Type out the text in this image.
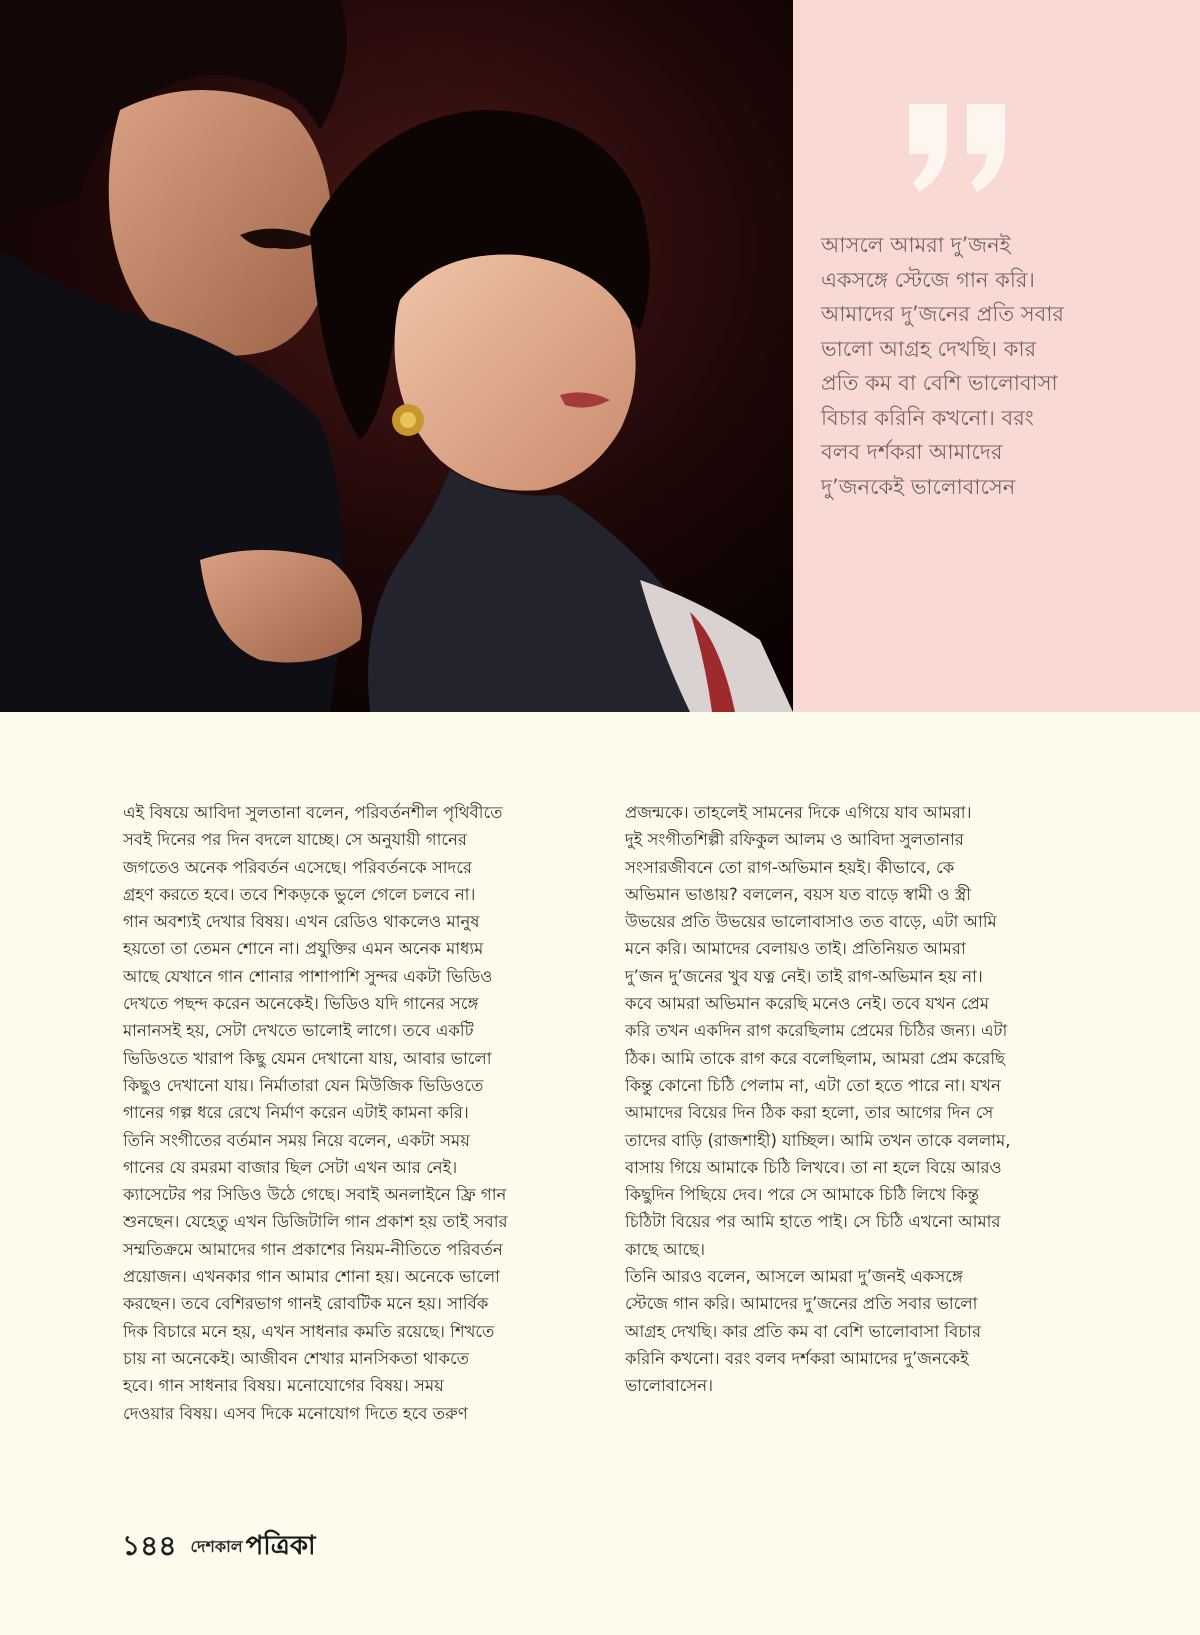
আসলে আমরা দু’জনই
একসঙ্গে স্টেজে গান করি।
আমাদের দু’জনের প্রতি সবার
ভালো আগ্রহ দেখছি। কার
প্রতি কম বা বেশি ভালোবাসা
বিচার করিনি কখনো। বরং
বলব দর্শকরা আমাদের
দু’জনকেই ভালোবাসেন

এই বিষয়ে আবিদা সুলতানা বলেন, পরিবর্তনশীল পৃথিবীতে
সবই দিনের পর দিন বদলে যাচ্ছে। সে অনুযায়ী গানের
জগতেও অনেক পরিবর্তন এসেছে। পরিবর্তনকে সাদরে
গ্রহণ করতে হবে। তবে শিকড়কে ভুলে গেলে চলবে না।
গান অবশ্যই দেখার বিষয়। এখন রেডিও থাকলেও মানুষ
হয়তো তা তেমন শোনে না। প্রযুক্তির এমন অনেক মাধ্যম
আছে যেখানে গান শোনার পাশাপাশি সুন্দর একটা ভিডিও
দেখতে পছন্দ করেন অনেকেই। ভিডিও যদি গানের সঙ্গে
মানানসই হয়, সেটা দেখতে ভালোই লাগে। তবে একটি
ভিডিওতে খারাপ কিছু যেমন দেখানো যায়, আবার ভালো
কিছুও দেখানো যায়। নির্মাতারা যেন মিউজিক ভিডিওতে
গানের গল্প ধরে রেখে নির্মাণ করেন এটাই কামনা করি।
তিনি সংগীতের বর্তমান সময় নিয়ে বলেন, একটা সময়
গানের যে রমরমা বাজার ছিল সেটা এখন আর নেই।
ক্যাসেটের পর সিডিও উঠে গেছে। সবাই অনলাইনে ফ্রি গান
শুনছেন। যেহেতু এখন ডিজিটালি গান প্রকাশ হয় তাই সবার
সম্মতিক্রমে আমাদের গান প্রকাশের নিয়ম-নীতিতে পরিবর্তন
প্রয়োজন। এখনকার গান আমার শোনা হয়। অনেকে ভালো
করছেন। তবে বেশিরভাগ গানই রোবটিক মনে হয়। সার্বিক
দিক বিচারে মনে হয়, এখন সাধনার কমতি রয়েছে। শিখতে
চায় না অনেকেই। আজীবন শেখার মানসিকতা থাকতে
হবে। গান সাধনার বিষয়। মনোযোগের বিষয়। সময়
দেওয়ার বিষয়। এসব দিকে মনোযোগ দিতে হবে তরুণ
প্রজন্মকে। তাহলেই সামনের দিকে এগিয়ে যাব আমরা।
দুই সংগীতশিল্পী রফিকুল আলম ও আবিদা সুলতানার
সংসারজীবনে তো রাগ-অভিমান হয়ই। কীভাবে, কে
অভিমান ভাঙায়? বললেন, বয়স যত বাড়ে স্বামী ও স্ত্রী
উভয়ের প্রতি উভয়ের ভালোবাসাও তত বাড়ে, এটা আমি
মনে করি। আমাদের বেলায়ও তাই। প্রতিনিয়ত আমরা
দু’জন দু’জনের খুব যত্ন নেই। তাই রাগ-অভিমান হয় না।
কবে আমরা অভিমান করেছি মনেও নেই। তবে যখন প্রেম
করি তখন একদিন রাগ করেছিলাম প্রেমের চিঠির জন্য। এটা
ঠিক। আমি তাকে রাগ করে বলেছিলাম, আমরা প্রেম করেছি
কিন্তু কোনো চিঠি পেলাম না, এটা তো হতে পারে না। যখন
আমাদের বিয়ের দিন ঠিক করা হলো, তার আগের দিন সে
তাদের বাড়ি (রাজশাহী) যাচ্ছিল। আমি তখন তাকে বললাম,
বাসায় গিয়ে আমাকে চিঠি লিখবে। তা না হলে বিয়ে আরও
কিছুদিন পিছিয়ে দেব। পরে সে আমাকে চিঠি লিখে কিন্তু
চিঠিটা বিয়ের পর আমি হাতে পাই। সে চিঠি এখনো আমার
কাছে আছে।
তিনি আরও বলেন, আসলে আমরা দু’জনই একসঙ্গে
স্টেজে গান করি। আমাদের দু’জনের প্রতি সবার ভালো
আগ্রহ দেখছি। কার প্রতি কম বা বেশি ভালোবাসা বিচার
করিনি কখনো। বরং বলব দর্শকরা আমাদের দু’জনকেই
ভালোবাসেন।
১৪৪ দেশকাল পত্রিকা
